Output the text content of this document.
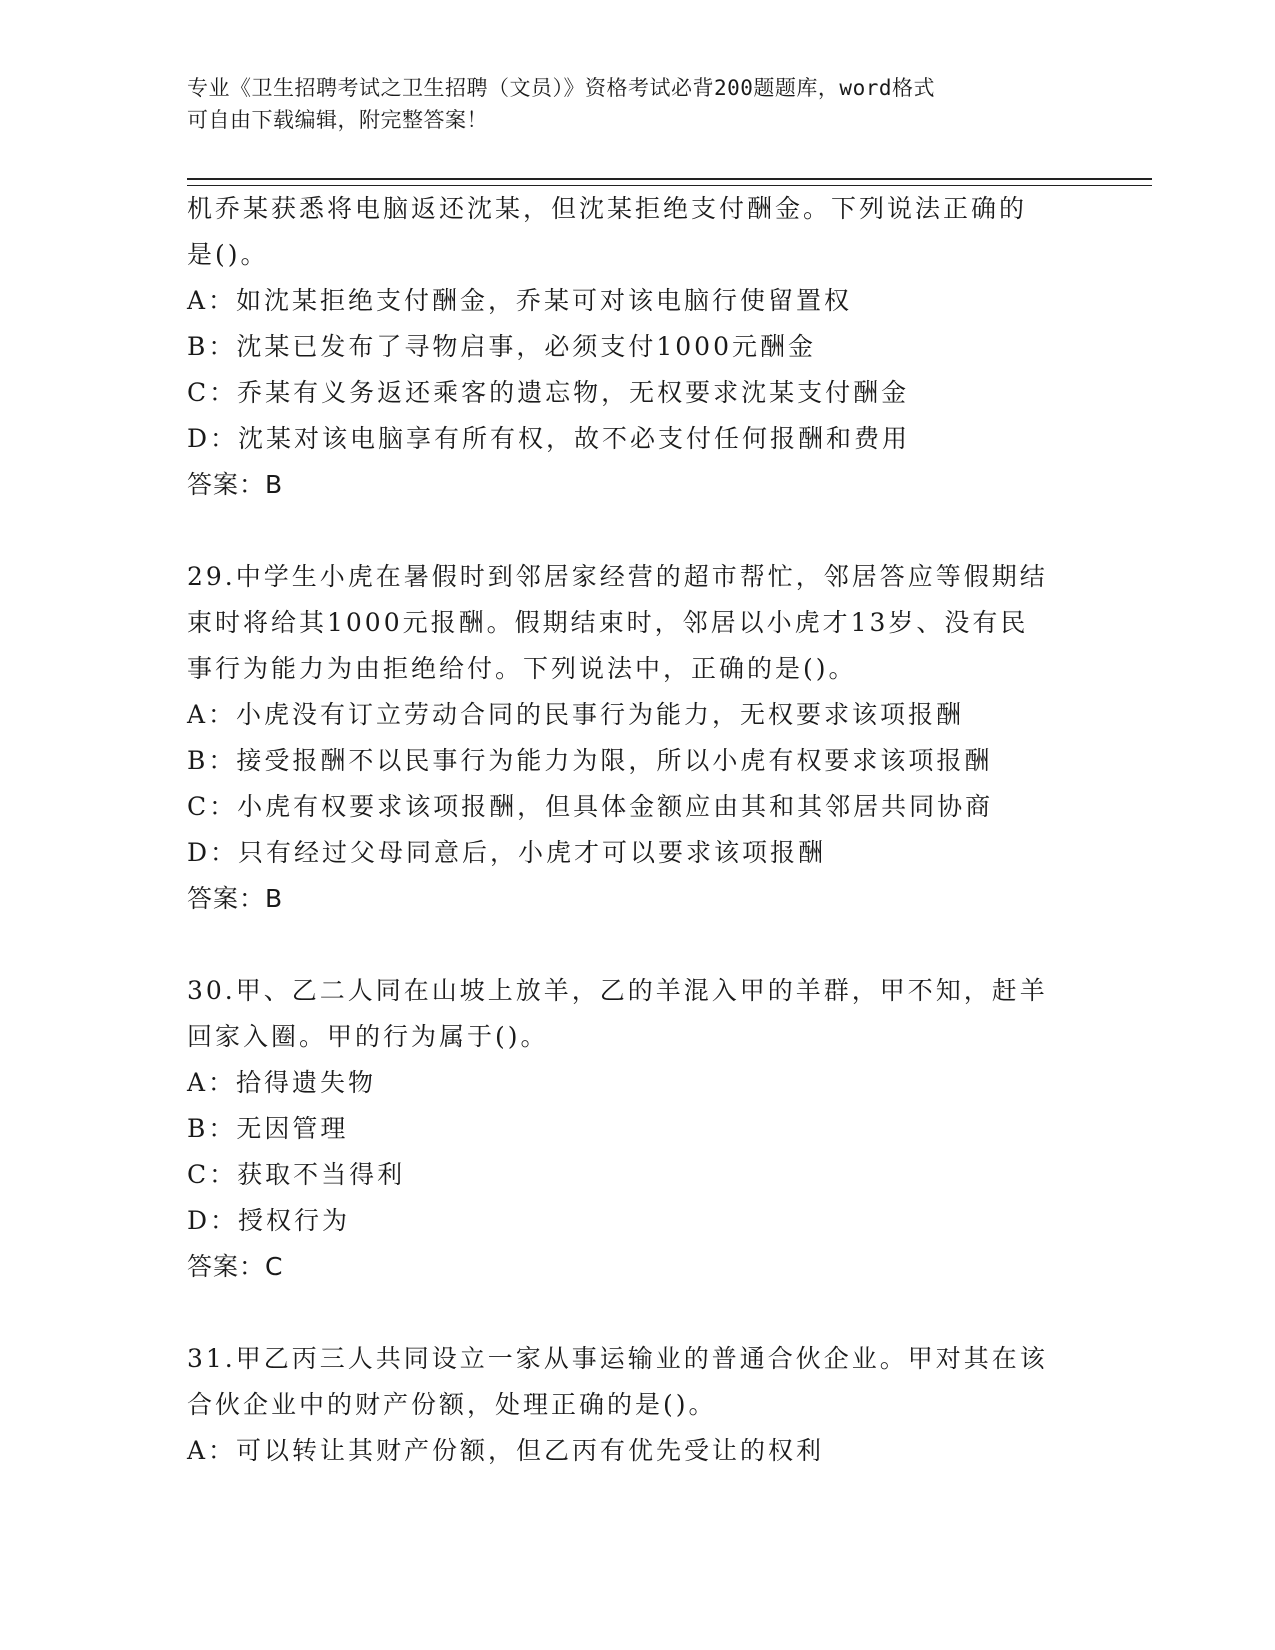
专业《卫生招聘考试之卫生招聘（文员）》资格考试必背200题题库，word格式
可自由下载编辑，附完整答案！
机乔某获悉将电脑返还沈某，但沈某拒绝支付酬金。下列说法正确的
是()。
A：如沈某拒绝支付酬金，乔某可对该电脑行使留置权
B：沈某已发布了寻物启事，必须支付1000元酬金
C：乔某有义务返还乘客的遗忘物，无权要求沈某支付酬金
D：沈某对该电脑享有所有权，故不必支付任何报酬和费用
答案：B
29.中学生小虎在暑假时到邻居家经营的超市帮忙，邻居答应等假期结
束时将给其1000元报酬。假期结束时，邻居以小虎才13岁、没有民
事行为能力为由拒绝给付。下列说法中，正确的是()。
A：小虎没有订立劳动合同的民事行为能力，无权要求该项报酬
B：接受报酬不以民事行为能力为限，所以小虎有权要求该项报酬
C：小虎有权要求该项报酬，但具体金额应由其和其邻居共同协商
D：只有经过父母同意后，小虎才可以要求该项报酬
答案：B
30.甲、乙二人同在山坡上放羊，乙的羊混入甲的羊群，甲不知，赶羊
回家入圈。甲的行为属于()。
A：拾得遗失物
B：无因管理
C：获取不当得利
D：授权行为
答案：C
31.甲乙丙三人共同设立一家从事运输业的普通合伙企业。甲对其在该
合伙企业中的财产份额，处理正确的是()。
A：可以转让其财产份额，但乙丙有优先受让的权利
